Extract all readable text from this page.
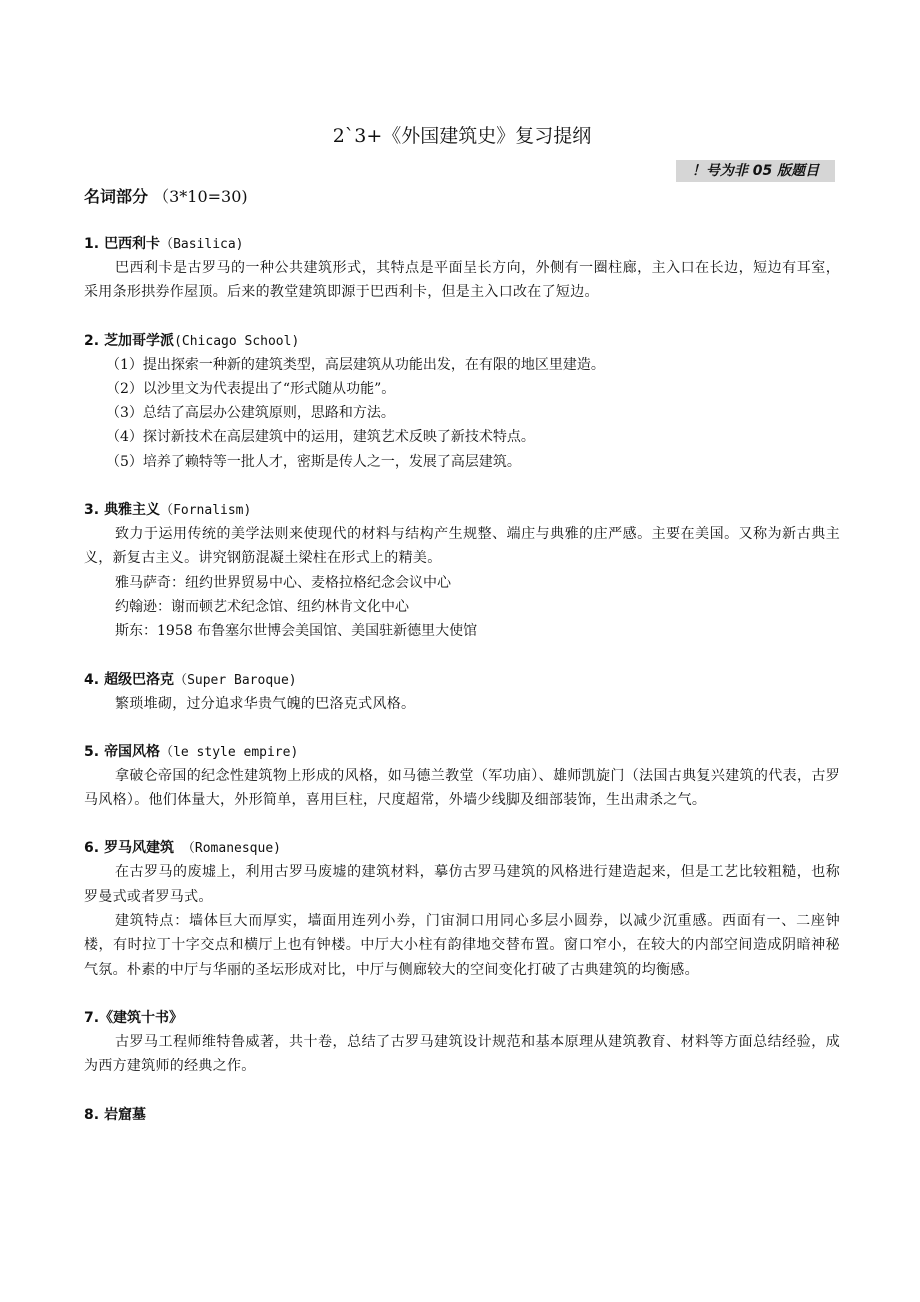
2`3+《外国建筑史》复习提纲
！号为非 05 版题目
名词部分 （3*10=30)
1. 巴西利卡（Basilica)

巴西利卡是古罗马的一种公共建筑形式，其特点是平面呈长方向，外侧有一圈柱廊，主入口在长边，短边有耳室，采用条形拱券作屋顶。后来的教堂建筑即源于巴西利卡，但是主入口改在了短边。

2. 芝加哥学派(Chicago School)

（1）提出探索一种新的建筑类型，高层建筑从功能出发，在有限的地区里建造。

（2）以沙里文为代表提出了“形式随从功能”。

（3）总结了高层办公建筑原则，思路和方法。

（4）探讨新技术在高层建筑中的运用，建筑艺术反映了新技术特点。

（5）培养了赖特等一批人才，密斯是传人之一，发展了高层建筑。

3. 典雅主义（Fornalism)

致力于运用传统的美学法则来使现代的材料与结构产生规整、端庄与典雅的庄严感。主要在美国。又称为新古典主义，新复古主义。讲究钢筋混凝土梁柱在形式上的精美。

雅马萨奇：纽约世界贸易中心、麦格拉格纪念会议中心

约翰逊：谢而顿艺术纪念馆、纽约林肯文化中心

斯东：1958 布鲁塞尔世博会美国馆、美国驻新德里大使馆

4. 超级巴洛克（Super Baroque)

繁琐堆砌，过分追求华贵气魄的巴洛克式风格。

5. 帝国风格（le style empire)

拿破仑帝国的纪念性建筑物上形成的风格，如马德兰教堂（军功庙）、雄师凯旋门（法国古典复兴建筑的代表，古罗马风格）。他们体量大，外形简单，喜用巨柱，尺度超常，外墙少线脚及细部装饰，生出肃杀之气。

6. 罗马风建筑 （Romanesque)

在古罗马的废墟上，利用古罗马废墟的建筑材料，摹仿古罗马建筑的风格进行建造起来，但是工艺比较粗糙，也称罗曼式或者罗马式。

建筑特点：墙体巨大而厚实，墙面用连列小券，门宙洞口用同心多层小圆券，以减少沉重感。西面有一、二座钟楼，有时拉丁十字交点和横厅上也有钟楼。中厅大小柱有韵律地交替布置。窗口窄小，在较大的内部空间造成阴暗神秘气氛。朴素的中厅与华丽的圣坛形成对比，中厅与侧廊较大的空间变化打破了古典建筑的均衡感。

7.《建筑十书》

古罗马工程师维特鲁威著，共十卷，总结了古罗马建筑设计规范和基本原理从建筑教育、材料等方面总结经验，成为西方建筑师的经典之作。

8. 岩窟墓
